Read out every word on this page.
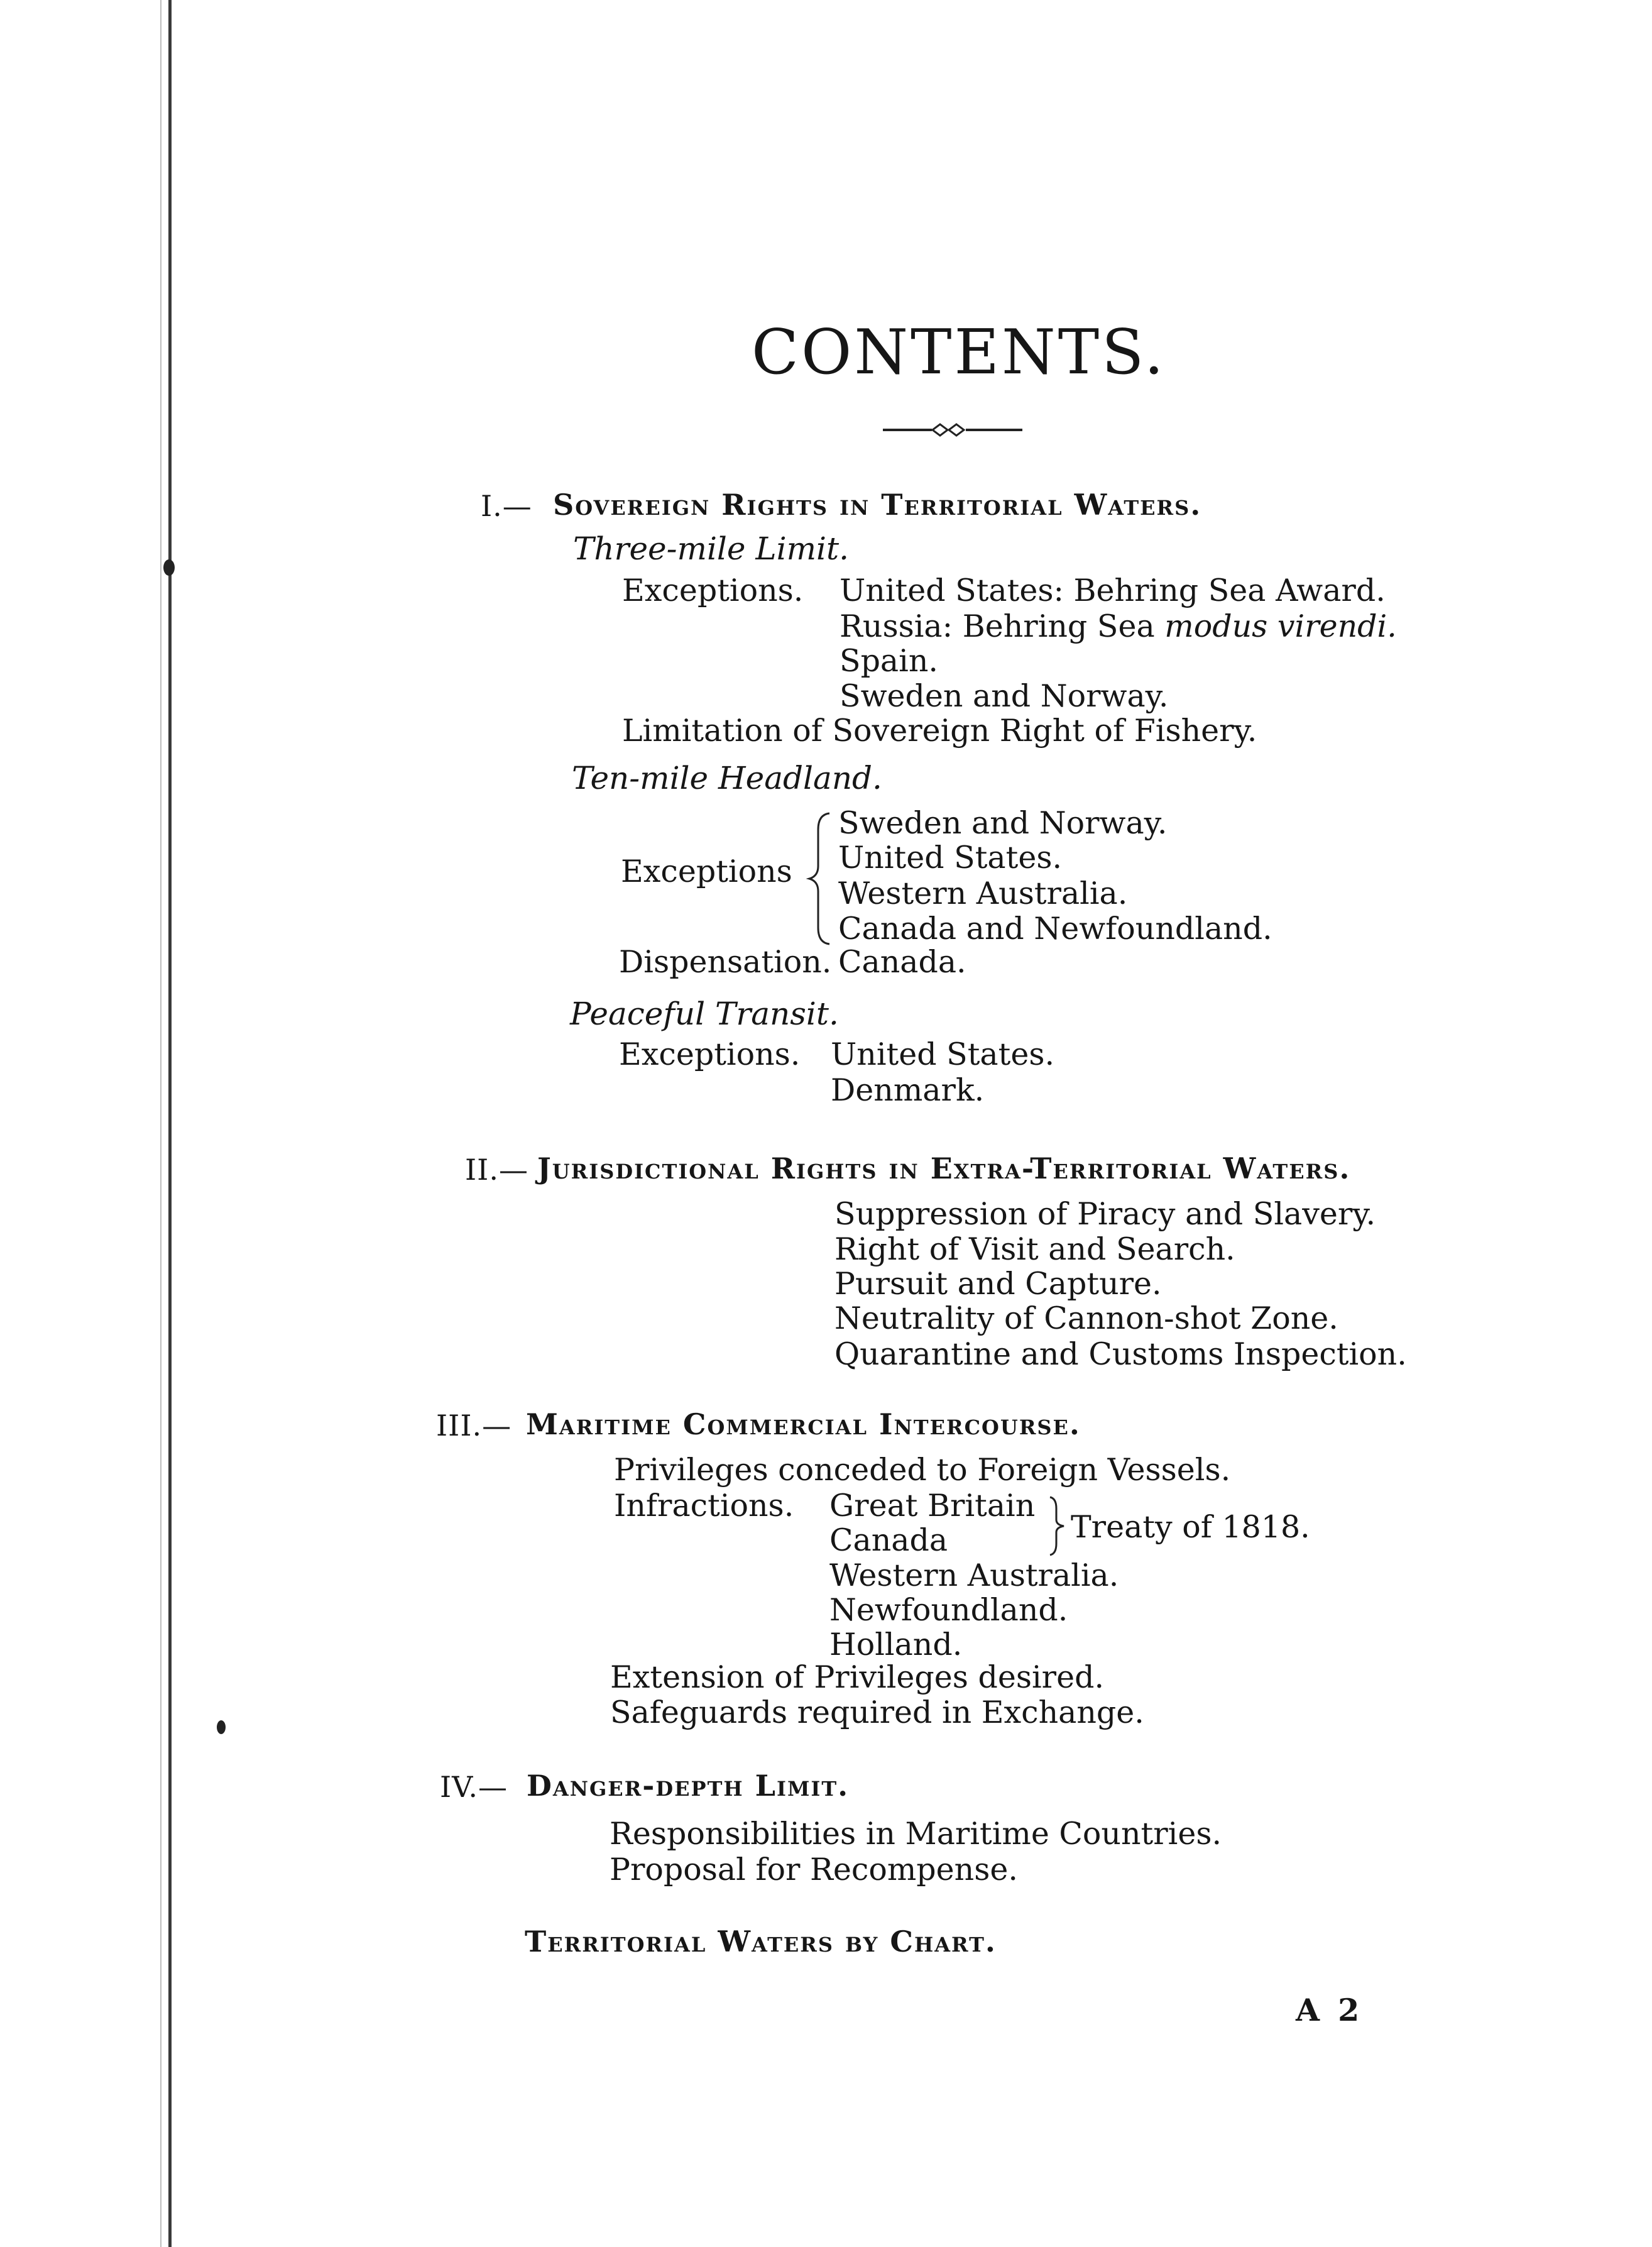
CONTENTS.
I.— Sovereign Rights in Territorial Waters.
Three-mile Limit.
Exceptions. United States: Behring Sea Award.
Russia: Behring Sea modus virendi.
Spain.
Sweden and Norway.
Limitation of Sovereign Right of Fishery.
Ten-mile Headland.
Exceptions
Sweden and Norway.
United States.
Western Australia.
Canada and Newfoundland.
Dispensation. Canada.
Peaceful Transit.
Exceptions. United States.
Denmark.
II.— Jurisdictional Rights in Extra-Territorial Waters.
Suppression of Piracy and Slavery.
Right of Visit and Search.
Pursuit and Capture.
Neutrality of Cannon-shot Zone.
Quarantine and Customs Inspection.
III.— Maritime Commercial Intercourse.
Privileges conceded to Foreign Vessels.
Infractions. Great Britain
Canada	Treaty of 1818.
Western Australia.
Newfoundland.
Holland.
Extension of Privileges desired.
Safeguards required in Exchange.
IV.— Danger-depth Limit.
Responsibilities in Maritime Countries.
Proposal for Recompense.
Territorial Waters by Chart.
A 2
